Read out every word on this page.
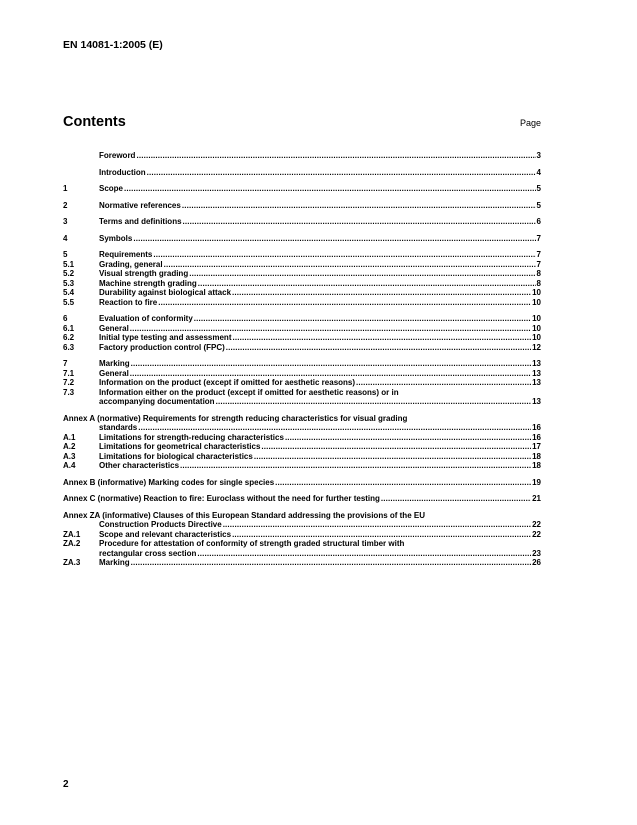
EN 14081-1:2005 (E)
Contents	Page
Foreword .....	3
Introduction .....	4
1	Scope .....	5
2	Normative references .....	5
3	Terms and definitions .....	6
4	Symbols .....	7
5	Requirements .....	7
5.1	Grading, general .....	7
5.2	Visual strength grading .....	8
5.3	Machine strength grading .....	8
5.4	Durability against biological attack .....	10
5.5	Reaction to fire .....	10
6	Evaluation of conformity .....	10
6.1	General .....	10
6.2	Initial type testing and assessment .....	10
6.3	Factory production control (FPC) .....	12
7	Marking .....	13
7.1	General .....	13
7.2	Information on the product (except if omitted for aesthetic reasons) .....	13
7.3	Information either on the product (except if omitted for aesthetic reasons) or in
accompanying documentation .....	13
Annex A (normative) Requirements for strength reducing characteristics for visual grading
standards .....	16
A.1	Limitations for strength-reducing characteristics .....	16
A.2	Limitations for geometrical characteristics .....	17
A.3	Limitations for biological characteristics .....	18
A.4	Other characteristics .....	18
Annex B (informative) Marking codes for single species .....	19
Annex C (normative) Reaction to fire: Euroclass without the need for further testing .....	21
Annex ZA (informative) Clauses of this European Standard addressing the provisions of the EU
Construction Products Directive .....	22
ZA.1	Scope and relevant characteristics .....	22
ZA.2	Procedure for attestation of conformity of strength graded structural timber with
rectangular cross section .....	23
ZA.3	Marking .....	26
2
